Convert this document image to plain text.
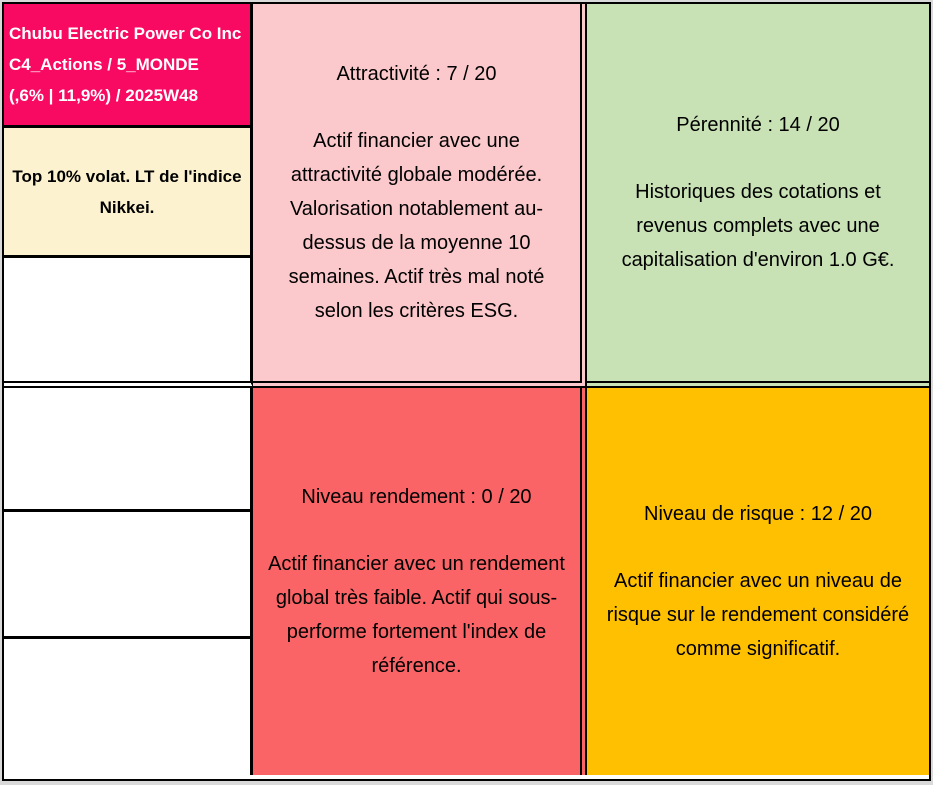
Chubu Electric Power Co Inc
C4_Actions / 5_MONDE
(,6% | 11,9%) / 2025W48
Top 10% volat. LT de l'indice
Nikkei.
Attractivité : 7 / 20
Actif financier avec une attractivité globale modérée. Valorisation notablement au-dessus de la moyenne 10 semaines. Actif très mal noté selon les critères ESG.
Pérennité : 14 / 20
Historiques des cotations et revenus complets avec une capitalisation d'environ 1.0 G€.
Niveau rendement : 0 / 20
Actif financier avec un rendement global très faible. Actif qui sous-performe fortement l'index de référence.
Niveau de risque : 12 / 20
Actif financier avec un niveau de risque sur le rendement considéré comme significatif.
